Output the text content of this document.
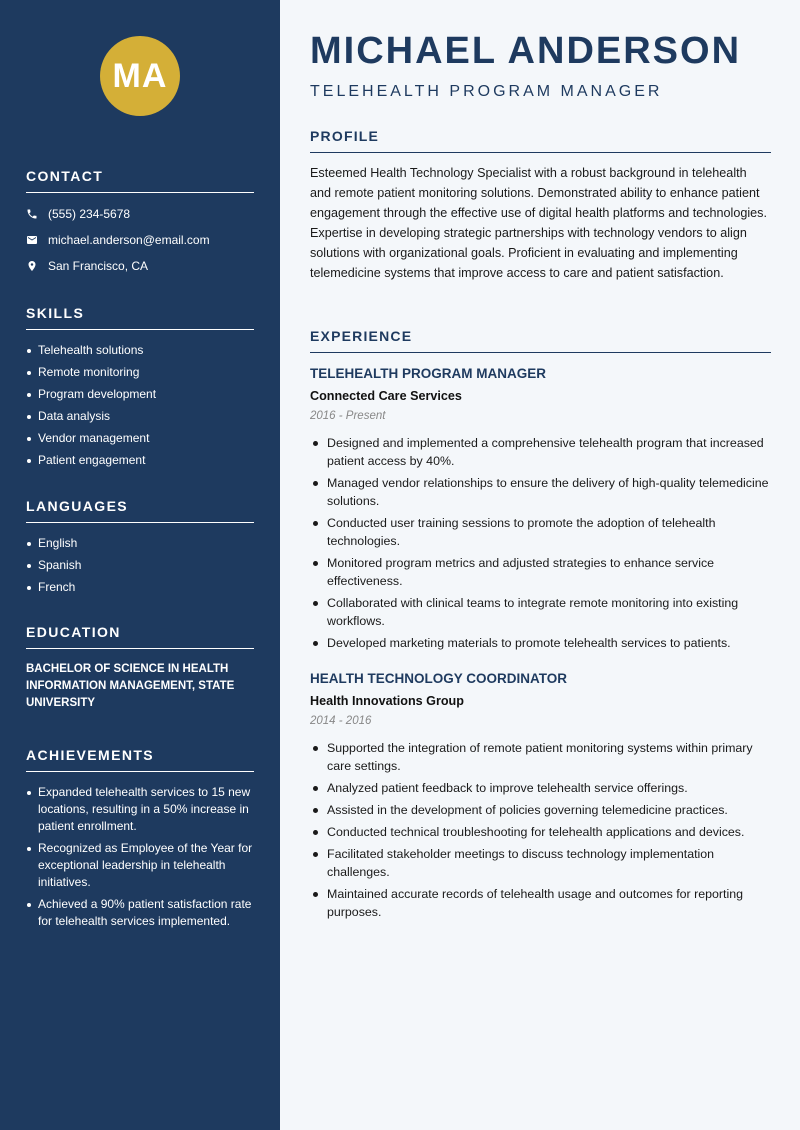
MA
CONTACT
(555) 234-5678
michael.anderson@email.com
San Francisco, CA
SKILLS
Telehealth solutions
Remote monitoring
Program development
Data analysis
Vendor management
Patient engagement
LANGUAGES
English
Spanish
French
EDUCATION
BACHELOR OF SCIENCE IN HEALTH INFORMATION MANAGEMENT, STATE UNIVERSITY
ACHIEVEMENTS
Expanded telehealth services to 15 new locations, resulting in a 50% increase in patient enrollment.
Recognized as Employee of the Year for exceptional leadership in telehealth initiatives.
Achieved a 90% patient satisfaction rate for telehealth services implemented.
MICHAEL ANDERSON
TELEHEALTH PROGRAM MANAGER
PROFILE
Esteemed Health Technology Specialist with a robust background in telehealth and remote patient monitoring solutions. Demonstrated ability to enhance patient engagement through the effective use of digital health platforms and technologies. Expertise in developing strategic partnerships with technology vendors to align solutions with organizational goals. Proficient in evaluating and implementing telemedicine systems that improve access to care and patient satisfaction.
EXPERIENCE
TELEHEALTH PROGRAM MANAGER
Connected Care Services
2016 - Present
Designed and implemented a comprehensive telehealth program that increased patient access by 40%.
Managed vendor relationships to ensure the delivery of high-quality telemedicine solutions.
Conducted user training sessions to promote the adoption of telehealth technologies.
Monitored program metrics and adjusted strategies to enhance service effectiveness.
Collaborated with clinical teams to integrate remote monitoring into existing workflows.
Developed marketing materials to promote telehealth services to patients.
HEALTH TECHNOLOGY COORDINATOR
Health Innovations Group
2014 - 2016
Supported the integration of remote patient monitoring systems within primary care settings.
Analyzed patient feedback to improve telehealth service offerings.
Assisted in the development of policies governing telemedicine practices.
Conducted technical troubleshooting for telehealth applications and devices.
Facilitated stakeholder meetings to discuss technology implementation challenges.
Maintained accurate records of telehealth usage and outcomes for reporting purposes.
